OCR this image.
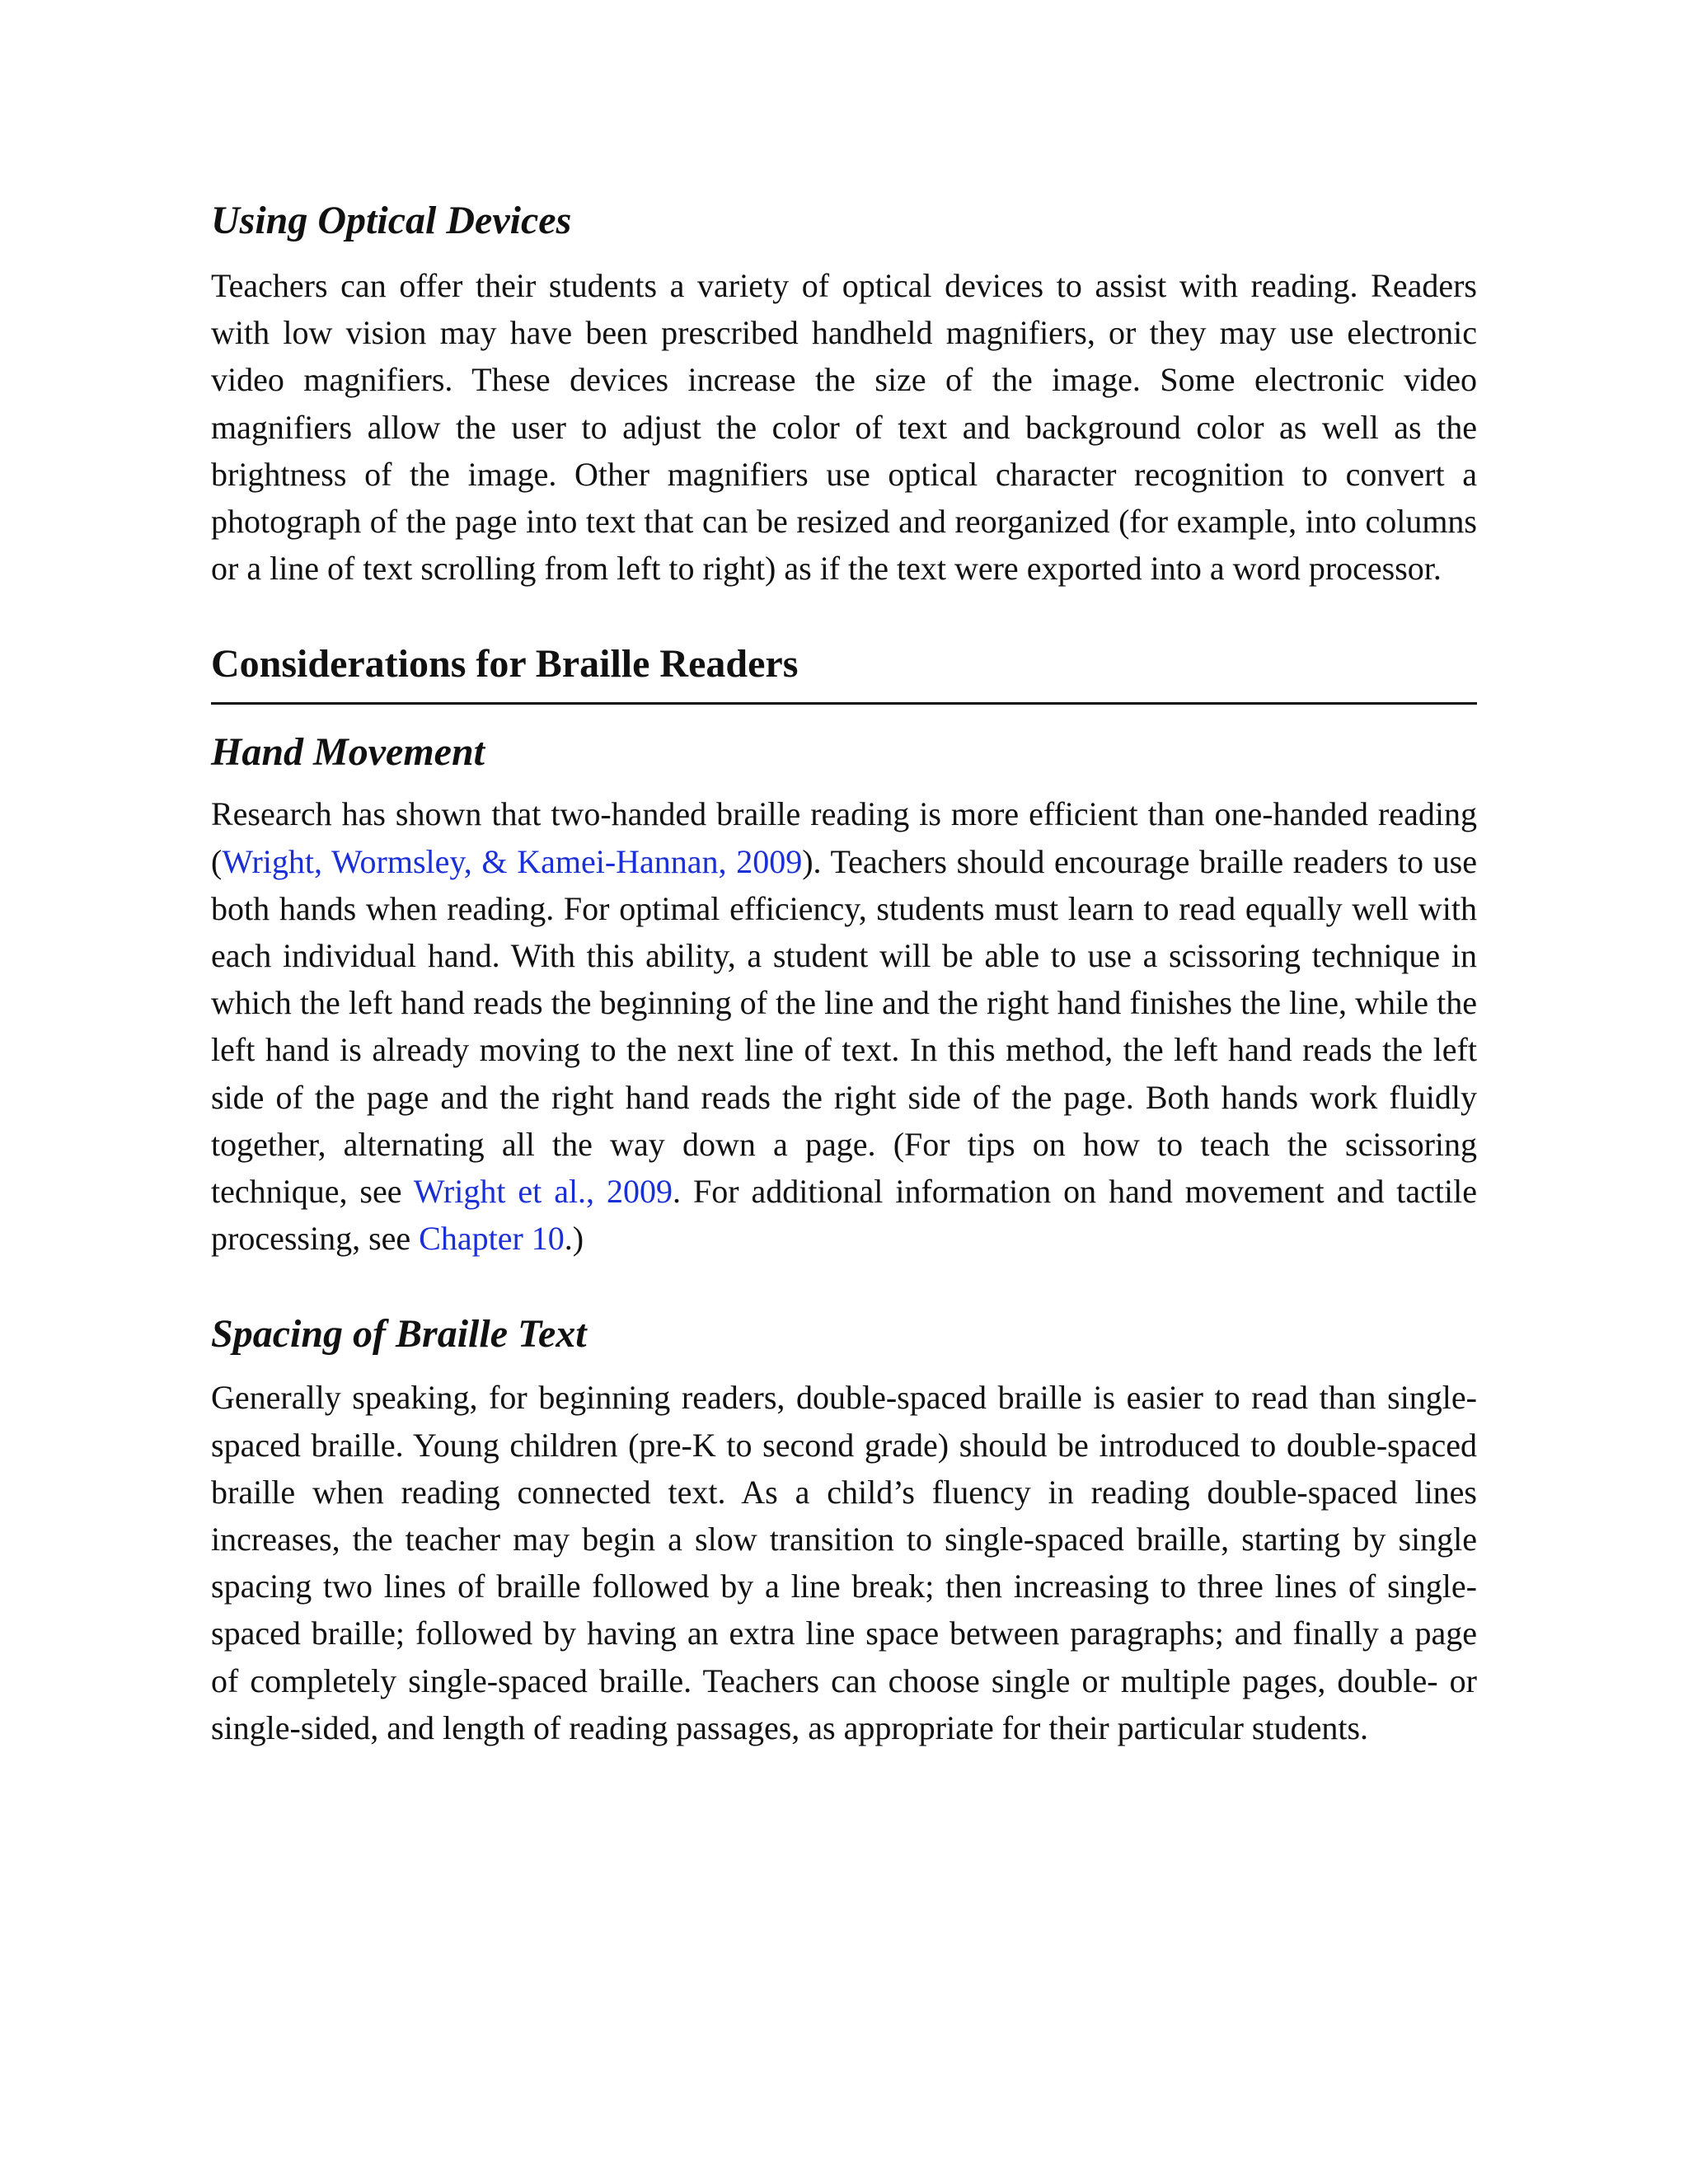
Using Optical Devices

Teachers can offer their students a variety of optical devices to assist with reading. Readers with low vision may have been prescribed handheld magnifiers, or they may use electronic video magnifiers. These devices increase the size of the image. Some electronic video magnifiers allow the user to adjust the color of text and background color as well as the brightness of the image. Other magnifiers use optical character recognition to convert a photograph of the page into text that can be resized and reorganized (for example, into columns or a line of text scrolling from left to right) as if the text were exported into a word processor.

Considerations for Braille Readers
Hand Movement

Research has shown that two-handed braille reading is more efficient than one-handed reading (Wright, Wormsley, & Kamei-Hannan, 2009). Teachers should encourage braille readers to use both hands when reading. For optimal efficiency, students must learn to read equally well with each individual hand. With this ability, a student will be able to use a scissoring technique in which the left hand reads the beginning of the line and the right hand finishes the line, while the left hand is already moving to the next line of text. In this method, the left hand reads the left side of the page and the right hand reads the right side of the page. Both hands work fluidly together, alternating all the way down a page. (For tips on how to teach the scissoring technique, see Wright et al., 2009. For additional information on hand movement and tactile processing, see Chapter 10.)

Spacing of Braille Text

Generally speaking, for beginning readers, double-spaced braille is easier to read than single-spaced braille. Young children (pre-K to second grade) should be introduced to double-spaced braille when reading connected text. As a child’s fluency in reading double-spaced lines increases, the teacher may begin a slow transition to single-spaced braille, starting by single spacing two lines of braille followed by a line break; then increasing to three lines of single-spaced braille; followed by having an extra line space between paragraphs; and finally a page of completely single-spaced braille. Teachers can choose single or multiple pages, double- or single-sided, and length of reading passages, as appropriate for their particular students.
